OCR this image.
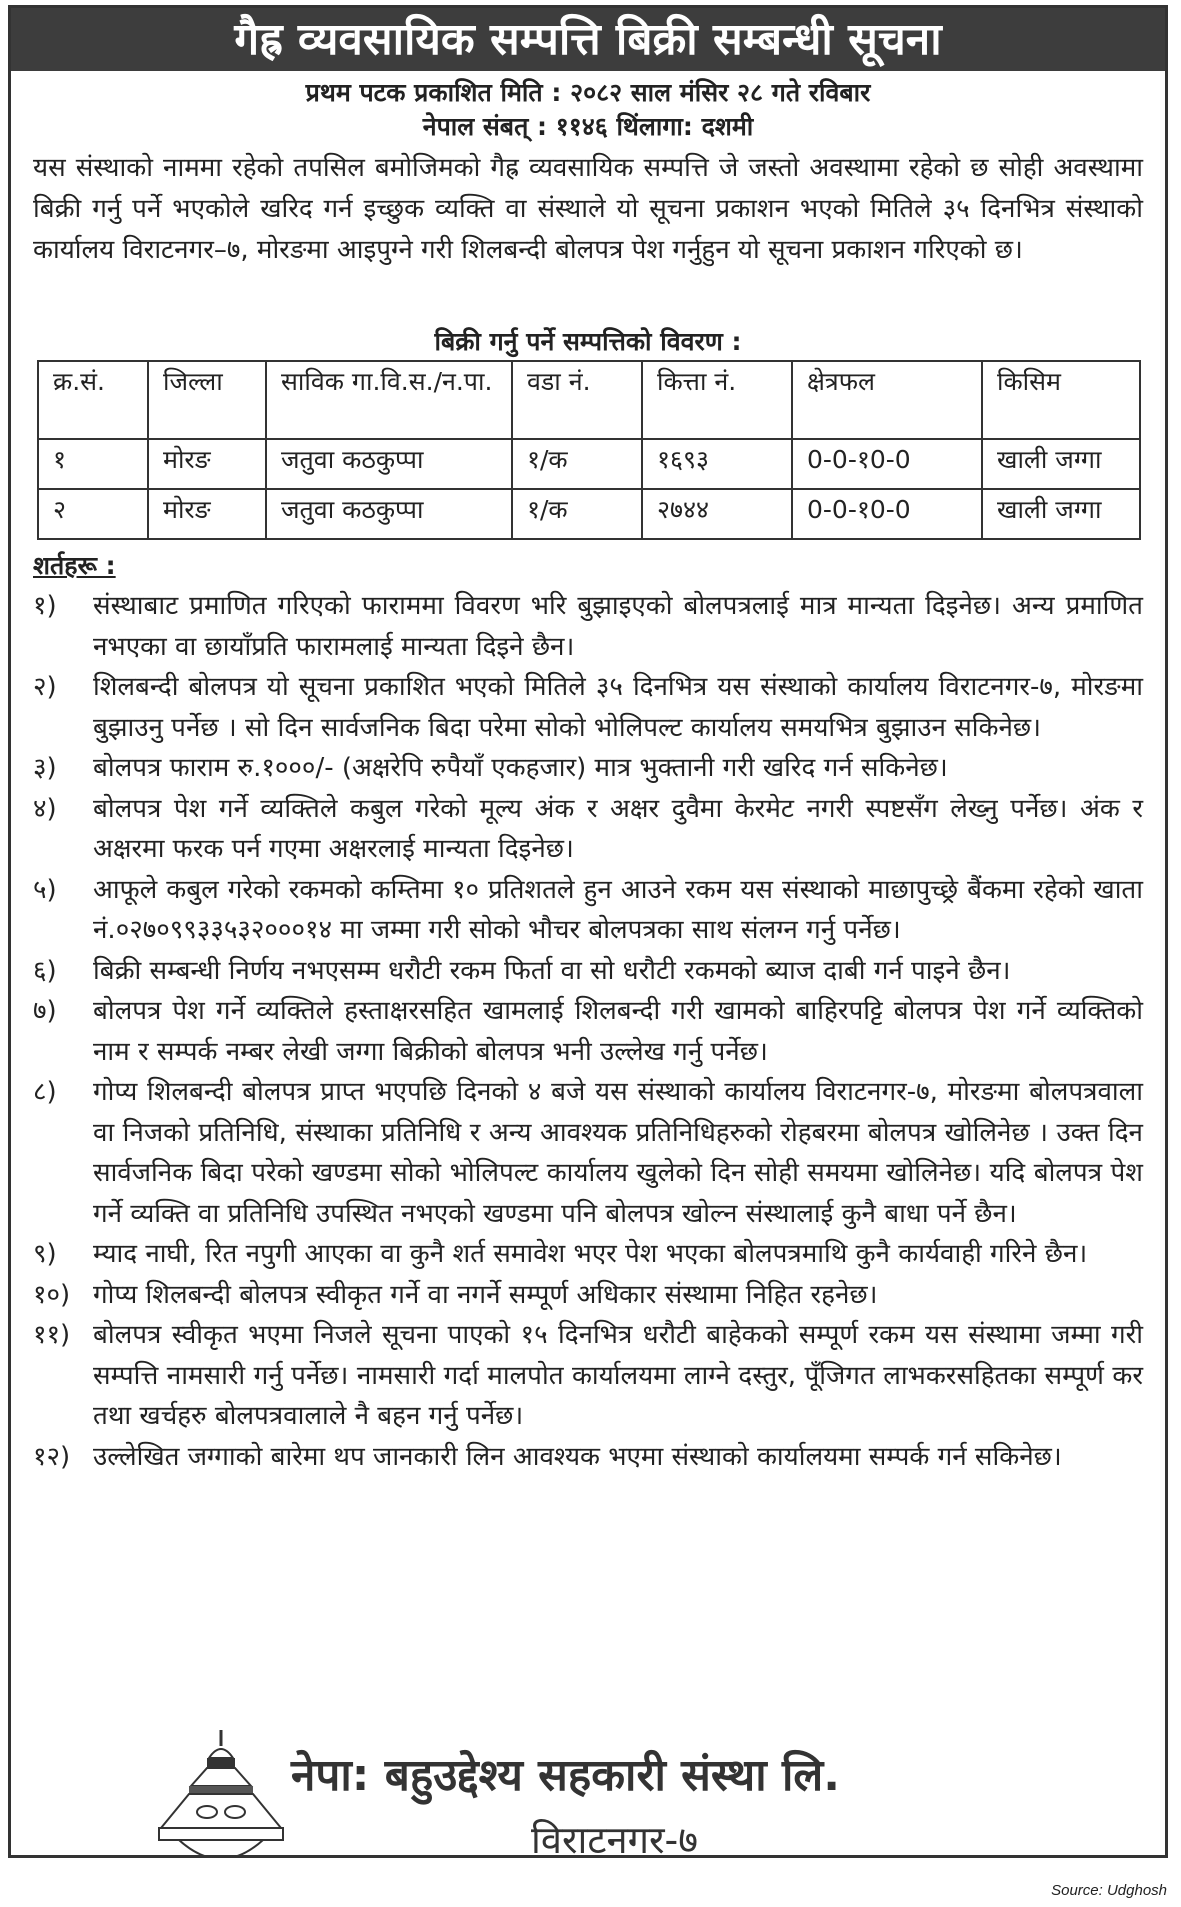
गैह्र व्यवसायिक सम्पत्ति बिक्री सम्बन्धी सूचना
प्रथम पटक प्रकाशित मिति : २०८२ साल मंसिर २८ गते रविबार
नेपाल संबत् : ११४६ थिंलागा: दशमी
यस संस्थाको नाममा रहेको तपसिल बमोजिमको गैह्र व्यवसायिक सम्पत्ति जे जस्तो अवस्थामा रहेको छ सोही अवस्थामा बिक्री गर्नु पर्ने भएकोले खरिद गर्न इच्छुक व्यक्ति वा संस्थाले यो सूचना प्रकाशन भएको मितिले ३५ दिनभित्र संस्थाको कार्यालय विराटनगर–७, मोरङमा आइपुग्ने गरी शिलबन्दी बोलपत्र पेश गर्नुहुन यो सूचना प्रकाशन गरिएको छ।
बिक्री गर्नु पर्ने सम्पत्तिको विवरण :
क्र.सं.	जिल्ला	साविक गा.वि.स./न.पा.	वडा नं.	कित्ता नं.	क्षेत्रफल	किसिम
१	मोरङ	जतुवा कठकुप्पा	१/क	१६९३	0-0-१0-0	खाली जग्गा
२	मोरङ	जतुवा कठकुप्पा	१/क	२७४४	0-0-१0-0	खाली जग्गा
शर्तहरू :
१)	संस्थाबाट प्रमाणित गरिएको फाराममा विवरण भरि बुझाइएको बोलपत्रलाई मात्र मान्यता दिइनेछ। अन्य प्रमाणित नभएका वा छायाँप्रति फारामलाई मान्यता दिइने छैन।
२)	शिलबन्दी बोलपत्र यो सूचना प्रकाशित भएको मितिले ३५ दिनभित्र यस संस्थाको कार्यालय विराटनगर-७, मोरङमा बुझाउनु पर्नेछ । सो दिन सार्वजनिक बिदा परेमा सोको भोलिपल्ट कार्यालय समयभित्र बुझाउन सकिनेछ।
३)	बोलपत्र फाराम रु.१०००/- (अक्षरेपि रुपैयाँ एकहजार) मात्र भुक्तानी गरी खरिद गर्न सकिनेछ।
४)	बोलपत्र पेश गर्ने व्यक्तिले कबुल गरेको मूल्य अंक र अक्षर दुवैमा केरमेट नगरी स्पष्टसँग लेख्नु पर्नेछ। अंक र अक्षरमा फरक पर्न गएमा अक्षरलाई मान्यता दिइनेछ।
५)	आफूले कबुल गरेको रकमको कम्तिमा १० प्रतिशतले हुन आउने रकम यस संस्थाको माछापुच्छ्रे बैंकमा रहेको खाता नं.०२७०९९३३५३२०००१४ मा जम्मा गरी सोको भौचर बोलपत्रका साथ संलग्न गर्नु पर्नेछ।
६)	बिक्री सम्बन्धी निर्णय नभएसम्म धरौटी रकम फिर्ता वा सो धरौटी रकमको ब्याज दाबी गर्न पाइने छैन।
७)	बोलपत्र पेश गर्ने व्यक्तिले हस्ताक्षरसहित खामलाई शिलबन्दी गरी खामको बाहिरपट्टि बोलपत्र पेश गर्ने व्यक्तिको नाम र सम्पर्क नम्बर लेखी जग्गा बिक्रीको बोलपत्र भनी उल्लेख गर्नु पर्नेछ।
८)	गोप्य शिलबन्दी बोलपत्र प्राप्त भएपछि दिनको ४ बजे यस संस्थाको कार्यालय विराटनगर-७, मोरङमा बोलपत्रवाला वा निजको प्रतिनिधि, संस्थाका प्रतिनिधि र अन्य आवश्यक प्रतिनिधिहरुको रोहबरमा बोलपत्र खोलिनेछ । उक्त दिन सार्वजनिक बिदा परेको खण्डमा सोको भोलिपल्ट कार्यालय खुलेको दिन सोही समयमा खोलिनेछ। यदि बोलपत्र पेश गर्ने व्यक्ति वा प्रतिनिधि उपस्थित नभएको खण्डमा पनि बोलपत्र खोल्न संस्थालाई कुनै बाधा पर्ने छैन।
९)	म्याद नाघी, रित नपुगी आएका वा कुनै शर्त समावेश भएर पेश भएका बोलपत्रमाथि कुनै कार्यवाही गरिने छैन।
१०) गोप्य शिलबन्दी बोलपत्र स्वीकृत गर्ने वा नगर्ने सम्पूर्ण अधिकार संस्थामा निहित रहनेछ।
११) बोलपत्र स्वीकृत भएमा निजले सूचना पाएको १५ दिनभित्र धरौटी बाहेकको सम्पूर्ण रकम यस संस्थामा जम्मा गरी सम्पत्ति नामसारी गर्नु पर्नेछ। नामसारी गर्दा मालपोत कार्यालयमा लाग्ने दस्तुर, पूँजिगत लाभकरसहितका सम्पूर्ण कर तथा खर्चहरु बोलपत्रवालाले नै बहन गर्नु पर्नेछ।
१२) उल्लेखित जग्गाको बारेमा थप जानकारी लिन आवश्यक भएमा संस्थाको कार्यालयमा सम्पर्क गर्न सकिनेछ।
नेपा: बहुउद्देश्य सहकारी संस्था लि.
विराटनगर-७
Source: Udghosh
